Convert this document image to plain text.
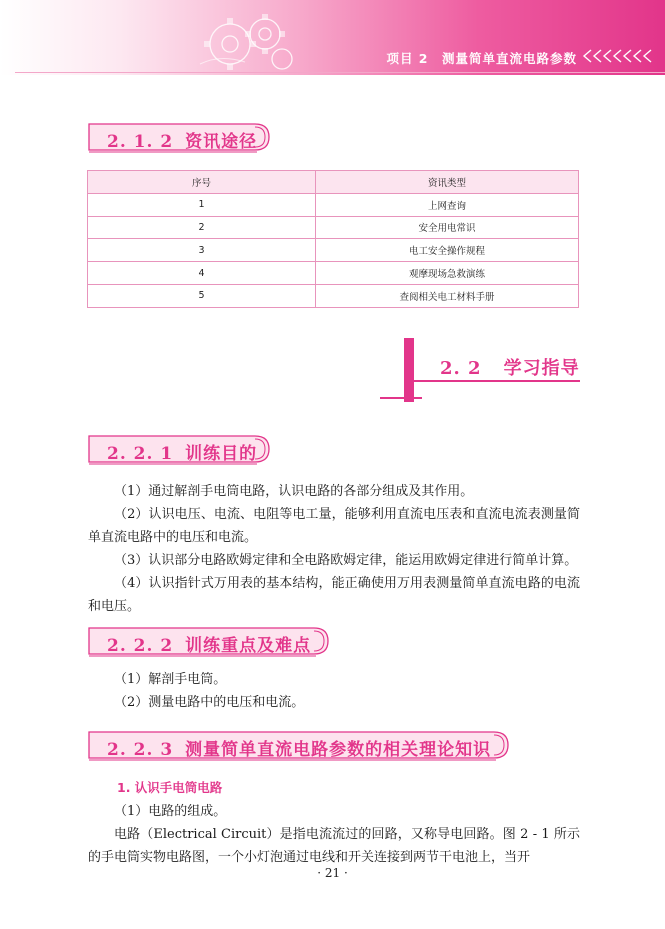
项目 2　测量简单直流电路参数
2. 1. 2 资讯途径
序号	资讯类型
1	上网查询
2	安全用电常识
3	电工安全操作规程
4	观摩现场急救演练
5	查阅相关电工材料手册
2. 2 学习指导
2. 2. 1 训练目的
（1）通过解剖手电筒电路，认识电路的各部分组成及其作用。
（2）认识电压、电流、电阻等电工量，能够利用直流电压表和直流电流表测量简单直流电路中的电压和电流。
（3）认识部分电路欧姆定律和全电路欧姆定律，能运用欧姆定律进行简单计算。
（4）认识指针式万用表的基本结构，能正确使用万用表测量简单直流电路的电流和电压。
2. 2. 2 训练重点及难点
（1）解剖手电筒。
（2）测量电路中的电压和电流。
2. 2. 3 测量简单直流电路参数的相关理论知识
1. 认识手电筒电路
（1）电路的组成。
电路（Electrical Circuit）是指电流流过的回路，又称导电回路。图 2 - 1 所示的手电筒实物电路图，一个小灯泡通过电线和开关连接到两节干电池上，当开
· 21 ·
